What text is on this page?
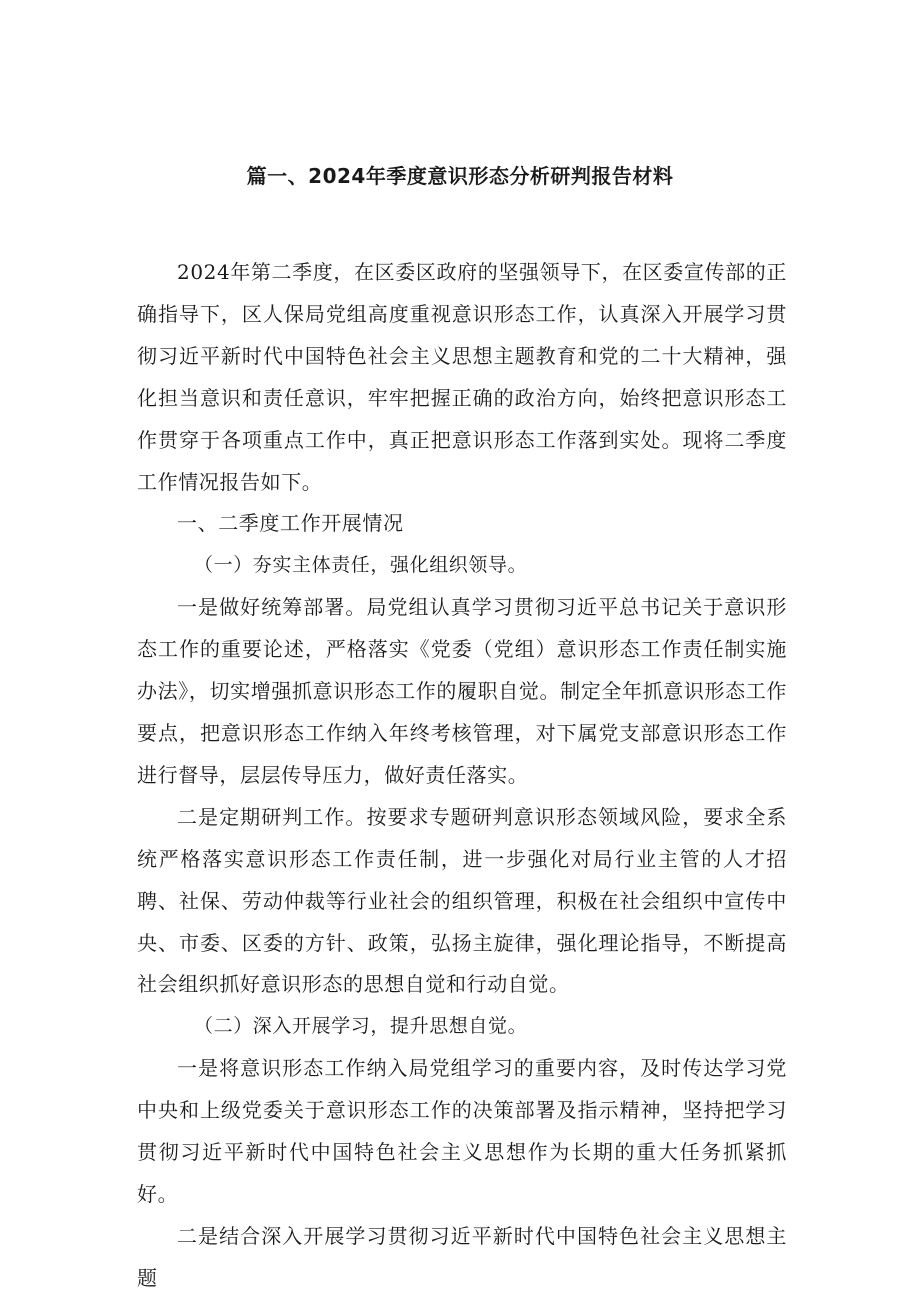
篇一、2024年季度意识形态分析研判报告材料

2024年第二季度，在区委区政府的坚强领导下，在区委宣传部的正确指导下，区人保局党组高度重视意识形态工作，认真深入开展学习贯彻习近平新时代中国特色社会主义思想主题教育和党的二十大精神，强化担当意识和责任意识，牢牢把握正确的政治方向，始终把意识形态工作贯穿于各项重点工作中，真正把意识形态工作落到实处。现将二季度工作情况报告如下。

一、二季度工作开展情况

（一）夯实主体责任，强化组织领导。

一是做好统筹部署。局党组认真学习贯彻习近平总书记关于意识形态工作的重要论述，严格落实《党委（党组）意识形态工作责任制实施办法》，切实增强抓意识形态工作的履职自觉。制定全年抓意识形态工作要点，把意识形态工作纳入年终考核管理，对下属党支部意识形态工作进行督导，层层传导压力，做好责任落实。

二是定期研判工作。按要求专题研判意识形态领域风险，要求全系统严格落实意识形态工作责任制，进一步强化对局行业主管的人才招聘、社保、劳动仲裁等行业社会的组织管理，积极在社会组织中宣传中央、市委、区委的方针、政策，弘扬主旋律，强化理论指导，不断提高社会组织抓好意识形态的思想自觉和行动自觉。

（二）深入开展学习，提升思想自觉。

一是将意识形态工作纳入局党组学习的重要内容，及时传达学习党中央和上级党委关于意识形态工作的决策部署及指示精神，坚持把学习贯彻习近平新时代中国特色社会主义思想作为长期的重大任务抓紧抓好。

二是结合深入开展学习贯彻习近平新时代中国特色社会主义思想主题
